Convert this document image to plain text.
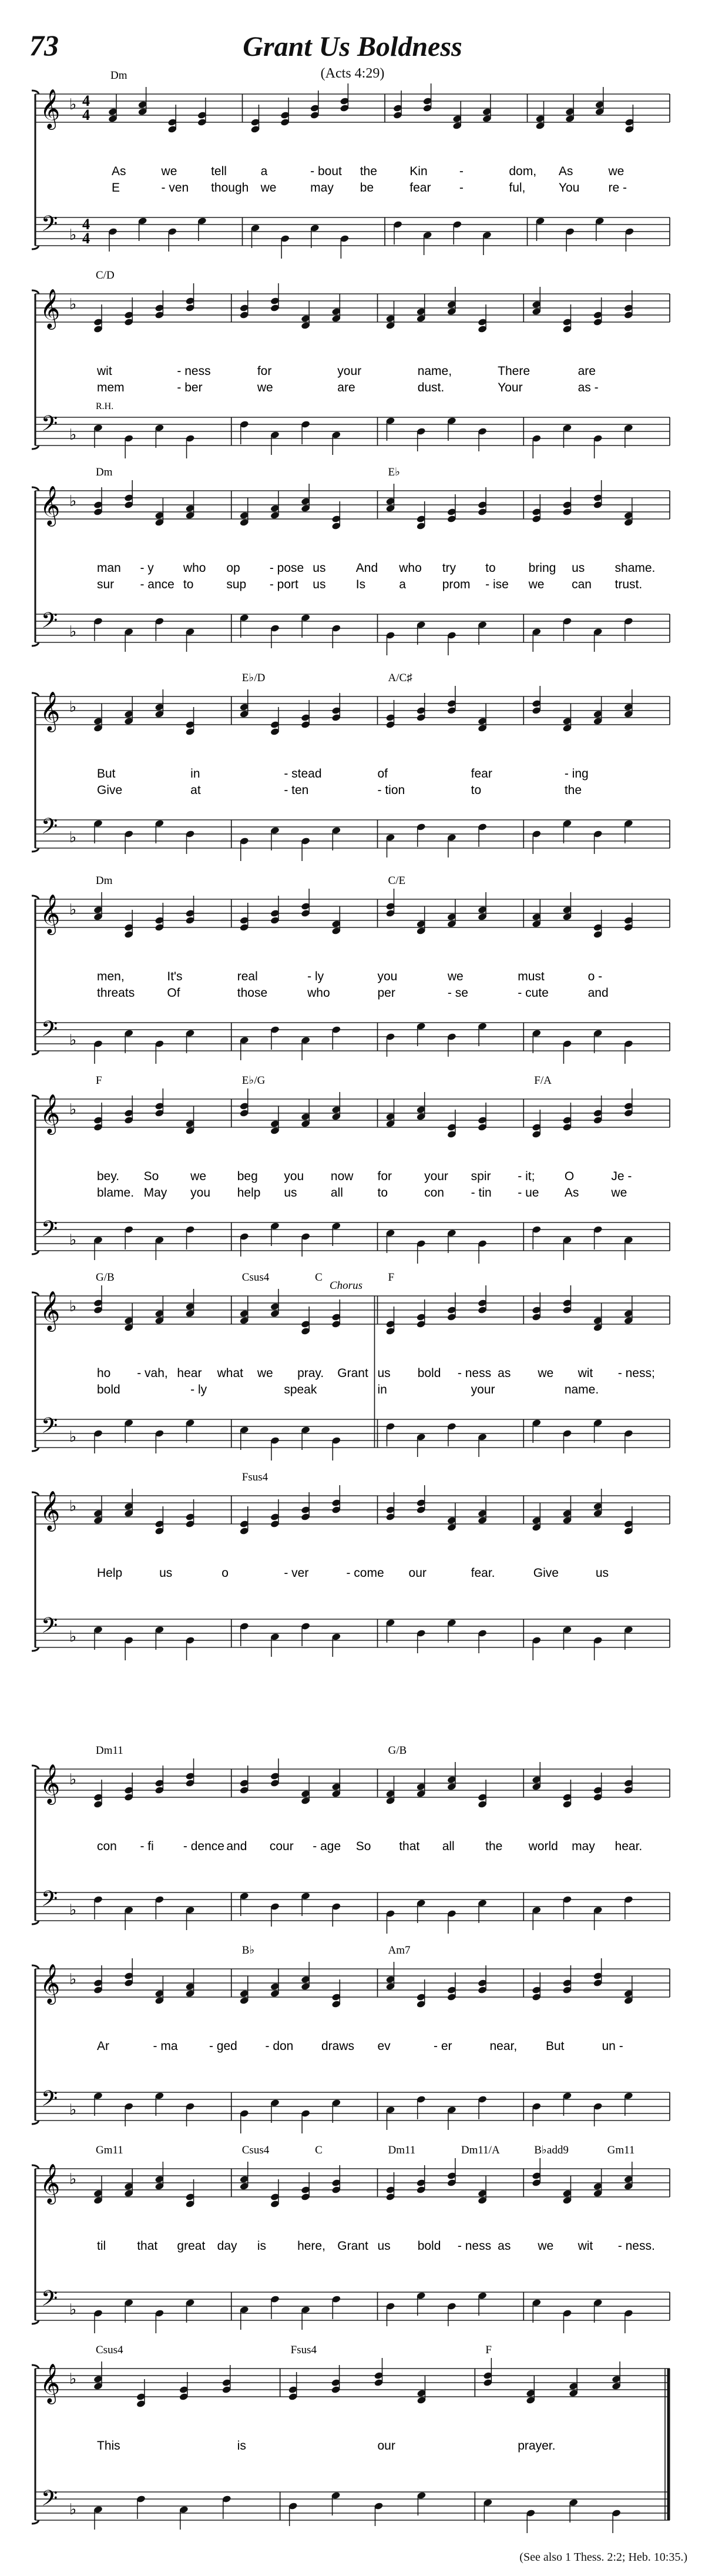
73	Grant Us Boldness
(Acts 4:29)
𝄞
𝄢
♭
♭
4
4
4
4
Dm
As	we	tell	a	- bout the	Kin	-	dom, As	we
E	- ven though we	may be	fear -	ful,	You re -
𝄞
𝄢
♭
♭
C/D
R.H.
wit	- ness	for	your	name,	There	are
mem	- ber	we	are	dust.	Your	as -
𝄞
𝄢
♭
♭
Dm	E♭
man - y who op - pose us And who try to	bring us shame.
sur - ance to	sup - port us Is	a	prom - ise we can trust.
𝄞
𝄢
♭
♭
E♭/D	A/C♯
But	in	- stead	of	fear	- ing
Give	at	- ten	- tion	to	the
𝄞
𝄢
♭
♭
Dm	C/E
men,	It's	real	- ly	you	we	must	o -
threats	Of	those	who	per	- se	- cute	and
𝄞
𝄢
♭
♭
F	E♭/G	F/A
bey. So	we	beg you now for	your spir - it; O	Je -
blame. May you help us	all	to	con - tin - ue As	we
𝄞
𝄢
♭
♭
G/B	Csus4	C	F
Chorus
ho - vah, hear what we pray. Grant us bold - ness as we wit - ness;
bold	- ly	speak	in	your	name.
𝄞
𝄢
♭
♭
Fsus4
Help	us	o	- ver	- come our	fear.	Give	us
𝄞
𝄢
♭
♭
Dm11	G/B
con - fi - dence and cour - age So that all the world may hear.
𝄞
𝄢
♭
♭
B♭	Am7
Ar	- ma	- ged - don draws ev	- er	near, But	un -
𝄞
𝄢
♭
♭
Gm11	Csus4	C	Dm11	Dm11/A	B♭add9	Gm11
til	that great day is	here, Grant us bold - ness as we wit - ness.
𝄞
𝄢
♭
♭
Csus4	Fsus4	F
This	is	our	prayer.
(See also 1 Thess. 2:2; Heb. 10:35.)
